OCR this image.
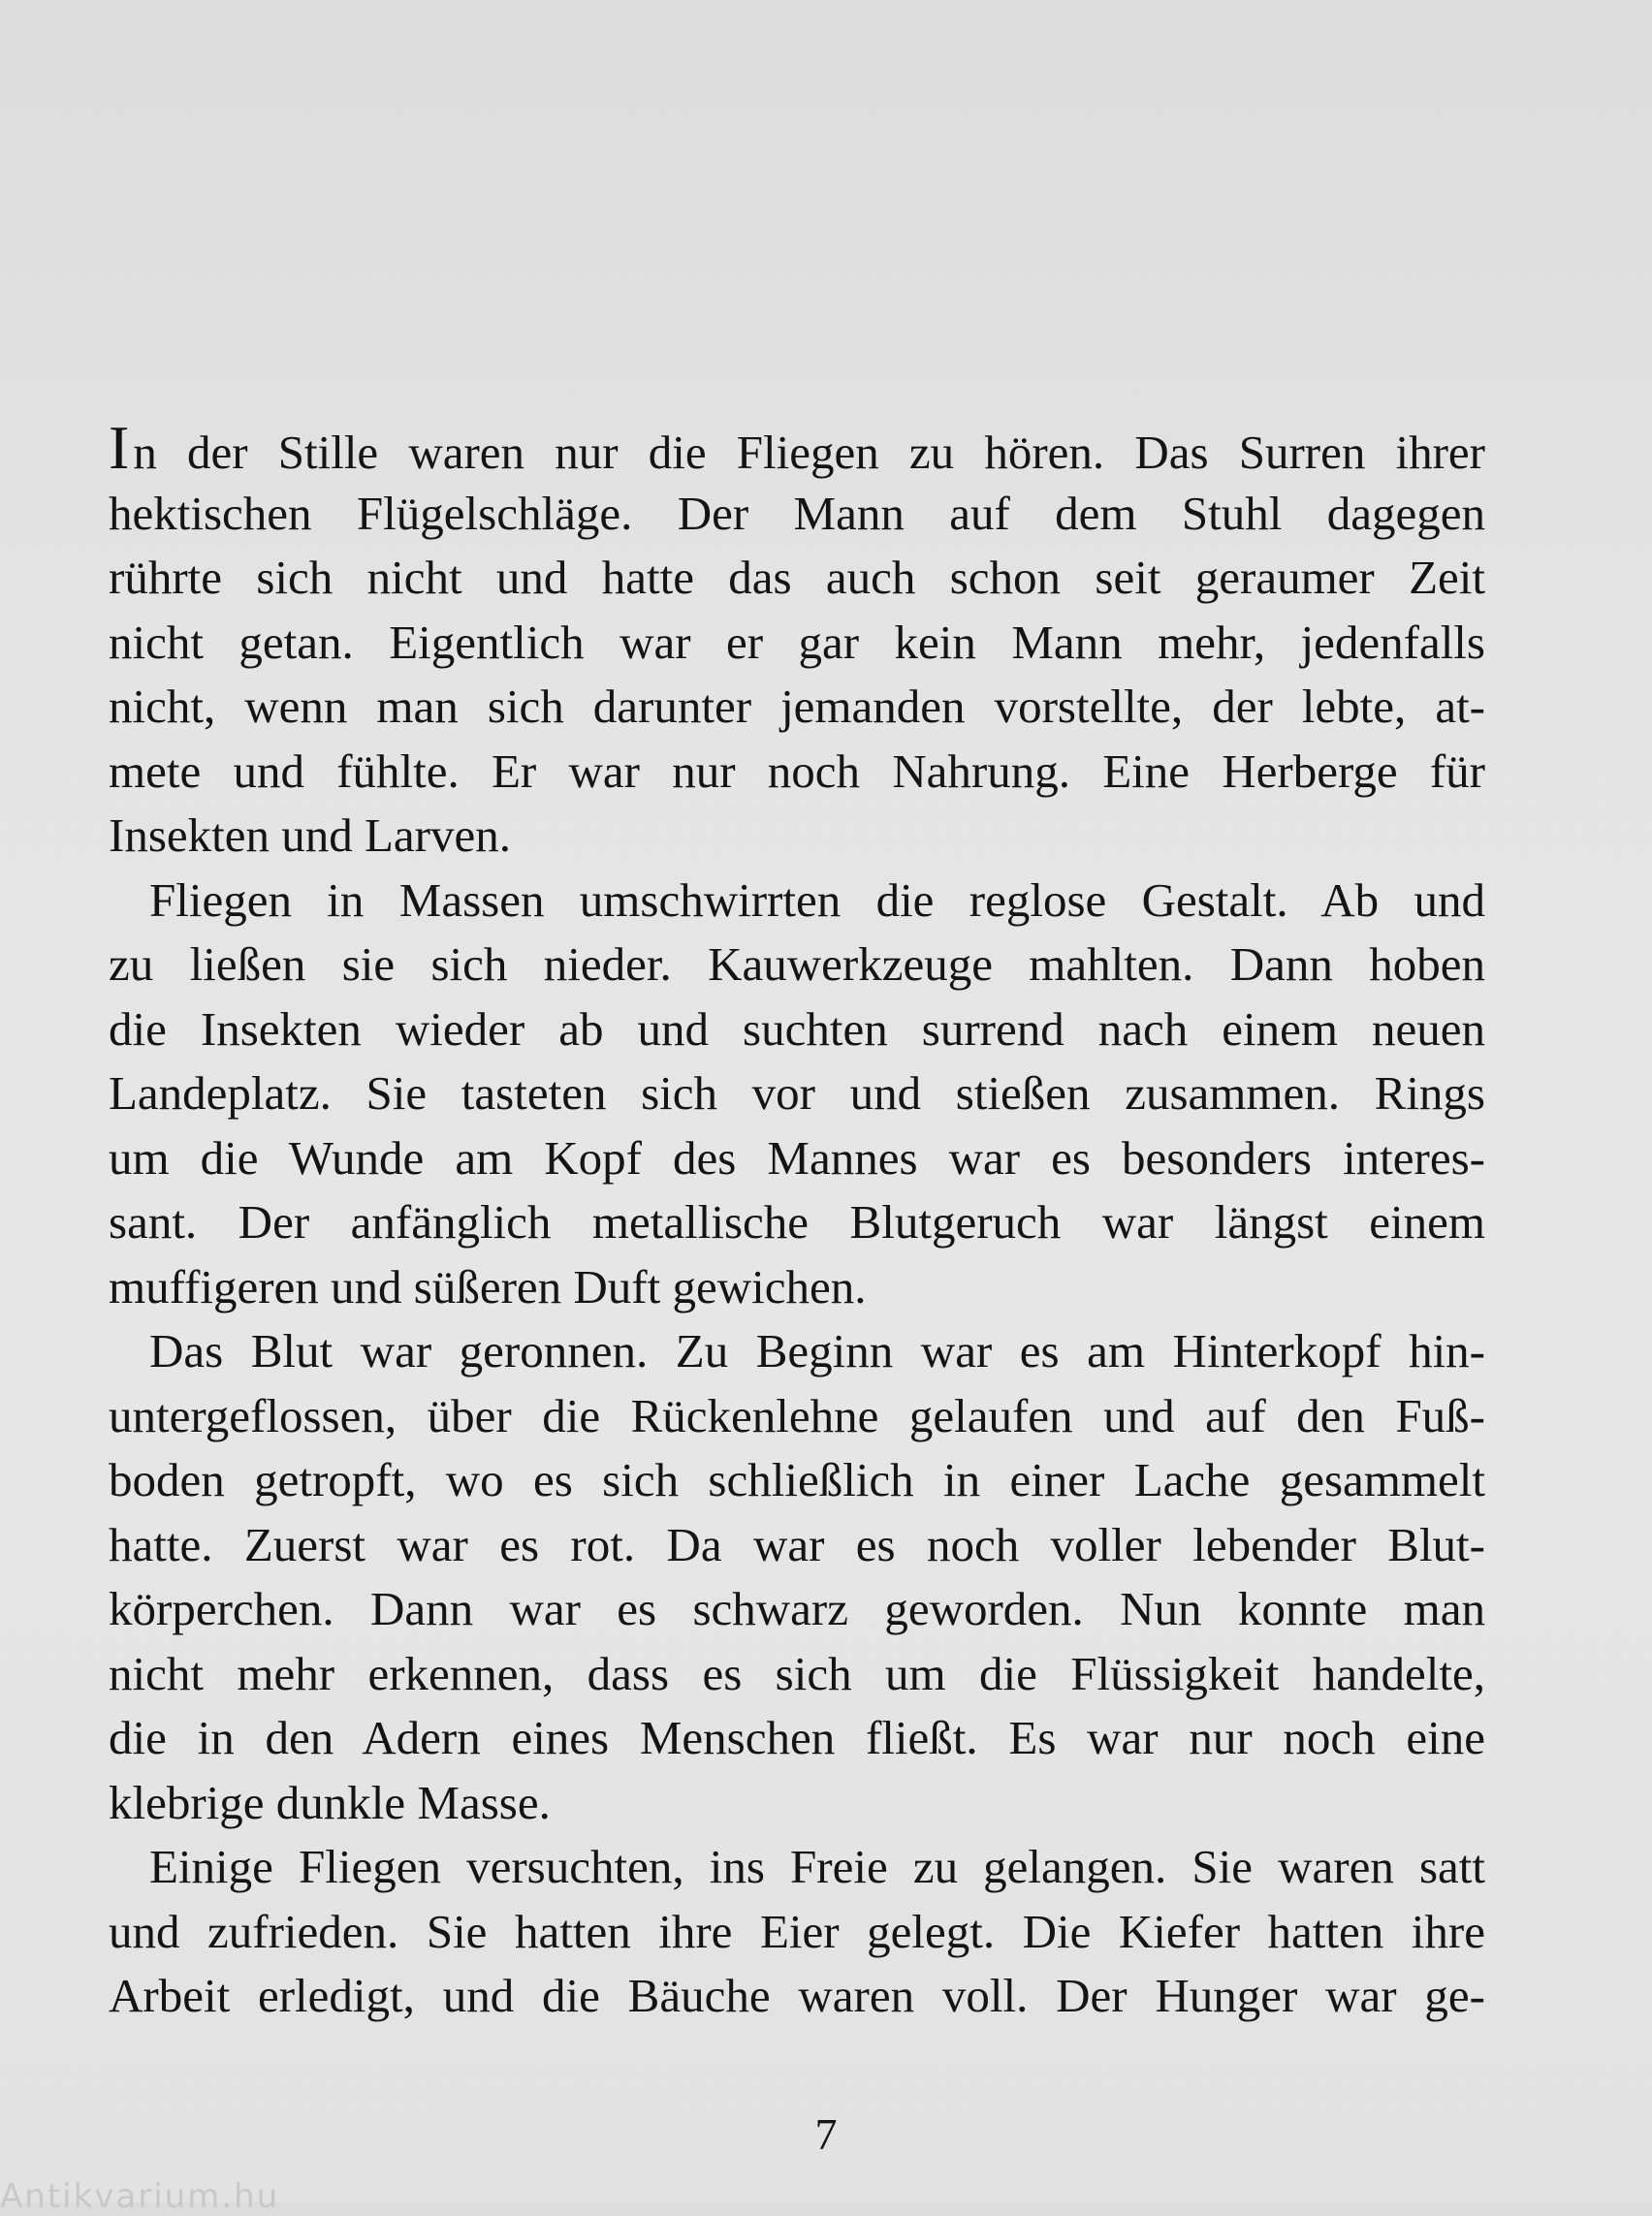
In der Stille waren nur die Fliegen zu hören. Das Surren ihrer
hektischen Flügelschläge. Der Mann auf dem Stuhl dagegen
rührte sich nicht und hatte das auch schon seit geraumer Zeit
nicht getan. Eigentlich war er gar kein Mann mehr, jedenfalls
nicht, wenn man sich darunter jemanden vorstellte, der lebte, at-
mete und fühlte. Er war nur noch Nahrung. Eine Herberge für
Insekten und Larven.

Fliegen in Massen umschwirrten die reglose Gestalt. Ab und
zu ließen sie sich nieder. Kauwerkzeuge mahlten. Dann hoben
die Insekten wieder ab und suchten surrend nach einem neuen
Landeplatz. Sie tasteten sich vor und stießen zusammen. Rings
um die Wunde am Kopf des Mannes war es besonders interes-
sant. Der anfänglich metallische Blutgeruch war längst einem
muffigeren und süßeren Duft gewichen.

Das Blut war geronnen. Zu Beginn war es am Hinterkopf hin-
untergeflossen, über die Rückenlehne gelaufen und auf den Fuß-
boden getropft, wo es sich schließlich in einer Lache gesammelt
hatte. Zuerst war es rot. Da war es noch voller lebender Blut-
körperchen. Dann war es schwarz geworden. Nun konnte man
nicht mehr erkennen, dass es sich um die Flüssigkeit handelte,
die in den Adern eines Menschen fließt. Es war nur noch eine
klebrige dunkle Masse.

Einige Fliegen versuchten, ins Freie zu gelangen. Sie waren satt
und zufrieden. Sie hatten ihre Eier gelegt. Die Kiefer hatten ihre
Arbeit erledigt, und die Bäuche waren voll. Der Hunger war ge-

7
Antikvarium.hu
